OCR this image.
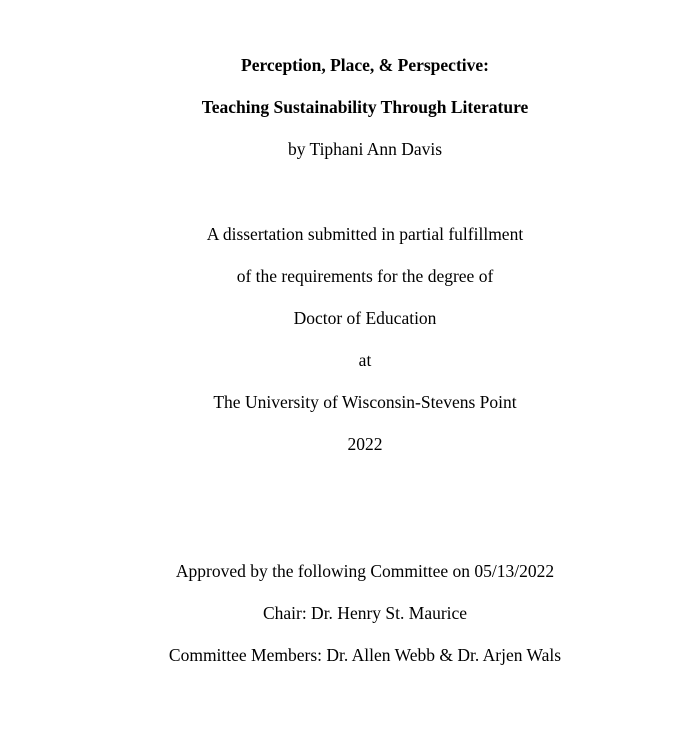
Perception, Place, & Perspective:
Teaching Sustainability Through Literature
by Tiphani Ann Davis
A dissertation submitted in partial fulfillment
of the requirements for the degree of
Doctor of Education
at
The University of Wisconsin-Stevens Point
2022
Approved by the following Committee on 05/13/2022
Chair: Dr. Henry St. Maurice
Committee Members: Dr. Allen Webb & Dr. Arjen Wals
